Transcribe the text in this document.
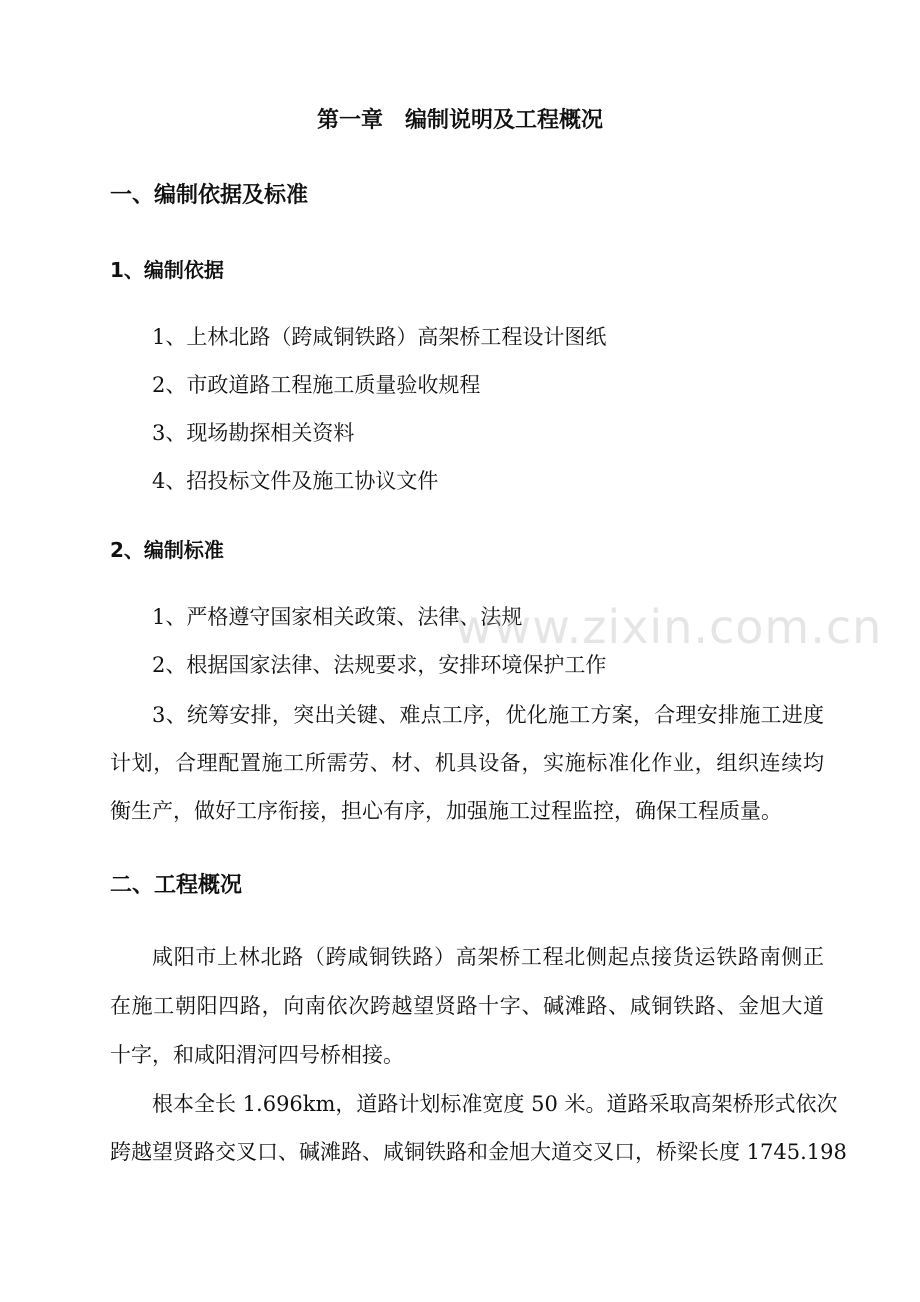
第一章　编制说明及工程概况
一、编制依据及标准
1、编制依据
1、上林北路（跨咸铜铁路）高架桥工程设计图纸
2、市政道路工程施工质量验收规程
3、现场勘探相关资料
4、招投标文件及施工协议文件
2、编制标准
1、严格遵守国家相关政策、法律、法规
2、根据国家法律、法规要求，安排环境保护工作
3、统筹安排，突出关键、难点工序，优化施工方案，合理安排施工进度
计划，合理配置施工所需劳、材、机具设备，实施标准化作业，组织连续均
衡生产，做好工序衔接，担心有序，加强施工过程监控，确保工程质量。
二、工程概况
咸阳市上林北路（跨咸铜铁路）高架桥工程北侧起点接货运铁路南侧正
在施工朝阳四路，向南依次跨越望贤路十字、碱滩路、咸铜铁路、金旭大道
十字，和咸阳渭河四号桥相接。
根本全长 1.696km，道路计划标准宽度 50 米。道路采取高架桥形式依次
跨越望贤路交叉口、碱滩路、咸铜铁路和金旭大道交叉口，桥梁长度 1745.198
www.zixin.com.cn
